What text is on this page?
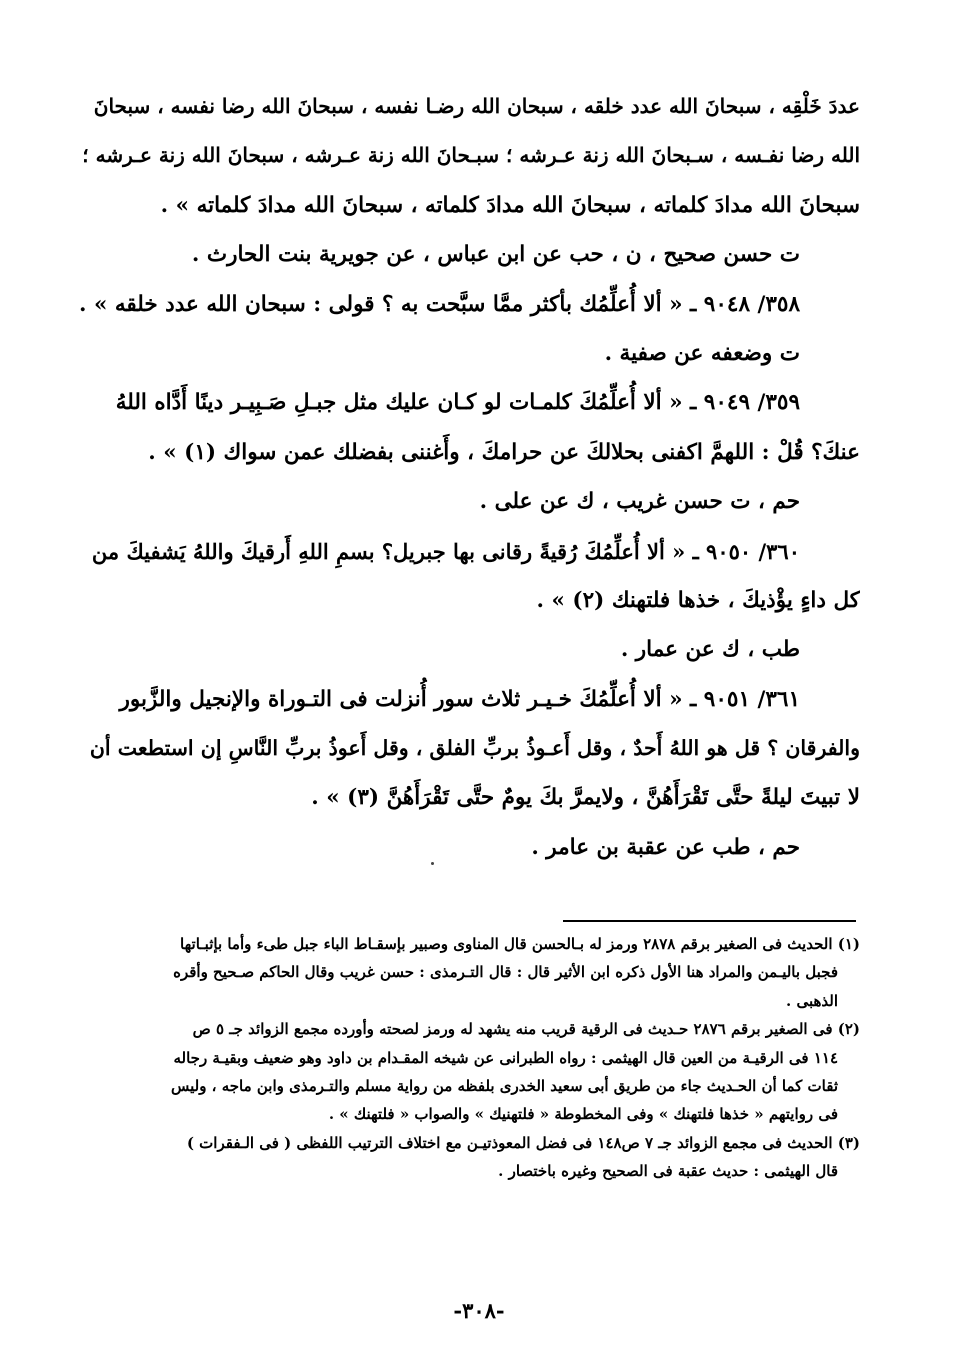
عددَ خَلْقِه ، سبحانَ الله عدد خلقه ، سبحان الله رضـا نفسه ، سبحانَ الله رضا نفسه ، سبحانَ
الله رضا نفـسه ، سـبحانَ الله زنة عـرشه ؛ سبـحانَ الله زنة عـرشه ، سبحانَ الله زنة عـرشه ؛
سبحانَ الله مدادَ كلماته ، سبحانَ الله مدادَ كلماته ، سبحانَ الله مدادَ كلماته » .
ت حسن صحيح ، ن ، حب عن ابن عباس ، عن جويرية بنت الحارث .
٣٥٨/ ٩٠٤٨ ـ « ألا أُعلِّمُك بأكثر ممَّا سبَّحت به ؟ قولى : سبحان الله عدد خلقه » .
ت وضعفه عن صفية .
٣٥٩/ ٩٠٤٩ ـ « ألا أُعلِّمُكَ كلمـات لو كـان عليك مثل جبـلِ صَـبِيـر دينًا أَدَّاه اللهُ
عنكَ؟ قُلْ : اللهمَّ اكفنى بحلالكَ عن حرامكَ ، وأَغننى بفضلك عمن سواك (١) » .
حم ، ت حسن غريب ، ك عن على .
٣٦٠/ ٩٠٥٠ ـ « ألا أُعلِّمُكَ رُقيةً رقانى بها جبريل؟ بسمِ اللهِ أَرقيكَ واللهُ يَشفيكَ من
كل داءٍ يؤْذيكَ ، خذها فلتهنك (٢) » .
طب ، ك عن عمار .
٣٦١/ ٩٠٥١ ـ « ألا أُعلِّمُكَ خـيـر ثلاث سور أُنزلت فى التـوراة والإنجيل والزَّبور
والفرقان ؟ قل هو اللهُ أَحدٌ ، وقل أَعـوذُ بربِّ الفلق ، وقل أَعوذُ بربِّ النَّاسِ إن استطعت أن
لا تبيتَ ليلةً حتَّى تَقْرَأَهُنَّ ، ولايمرَّ بكَ يومٌ حتَّى تَقْرَأَهُنَّ (٣) » .
حم ، طب عن عقبة بن عامر .
(١) الحديث فى الصغير برقم ٢٨٧٨ ورمز له بـالحسن قال المناوى وصبير بإسقـاط الباء جبل طىء وأما بإثبـاتها
فجبل باليـمن والمراد هنا الأول ذكره ابن الأثير قال : قال التـرمذى : حسن غريب وقال الحاكم صـحيح وأقره
الذهبى .
(٢) فى الصغير برقم ٢٨٧٦ حـديث فى الرقية قريب منه يشهد له ورمز لصحته وأورده مجمع الزوائد جـ ٥ ص
١١٤ فى الرقيـة من العين قال الهيثمى : رواه الطبرانى عن شيخه المقـدام بن داود وهو ضعيف وبقيـة رجاله
ثقات كما أن الحـديث جاء من طريق أبى سعيد الخدرى بلفظه من رواية مسلم والتـرمذى وابن ماجه ، وليس
فى روايتهم « خذها فلتهنك » وفى المخطوطة « فلتهنيك » والصواب « فلتهنك » .
(٣) الحديث فى مجمع الزوائد جـ ٧ ص١٤٨ فى فضل المعوذتيـن مع اختلاف الترتيب اللفظى ( فى الـفقرات )
قال الهيثمى : حديث عقبة فى الصحيح وغيره باختصار .
-٣٠٨-
